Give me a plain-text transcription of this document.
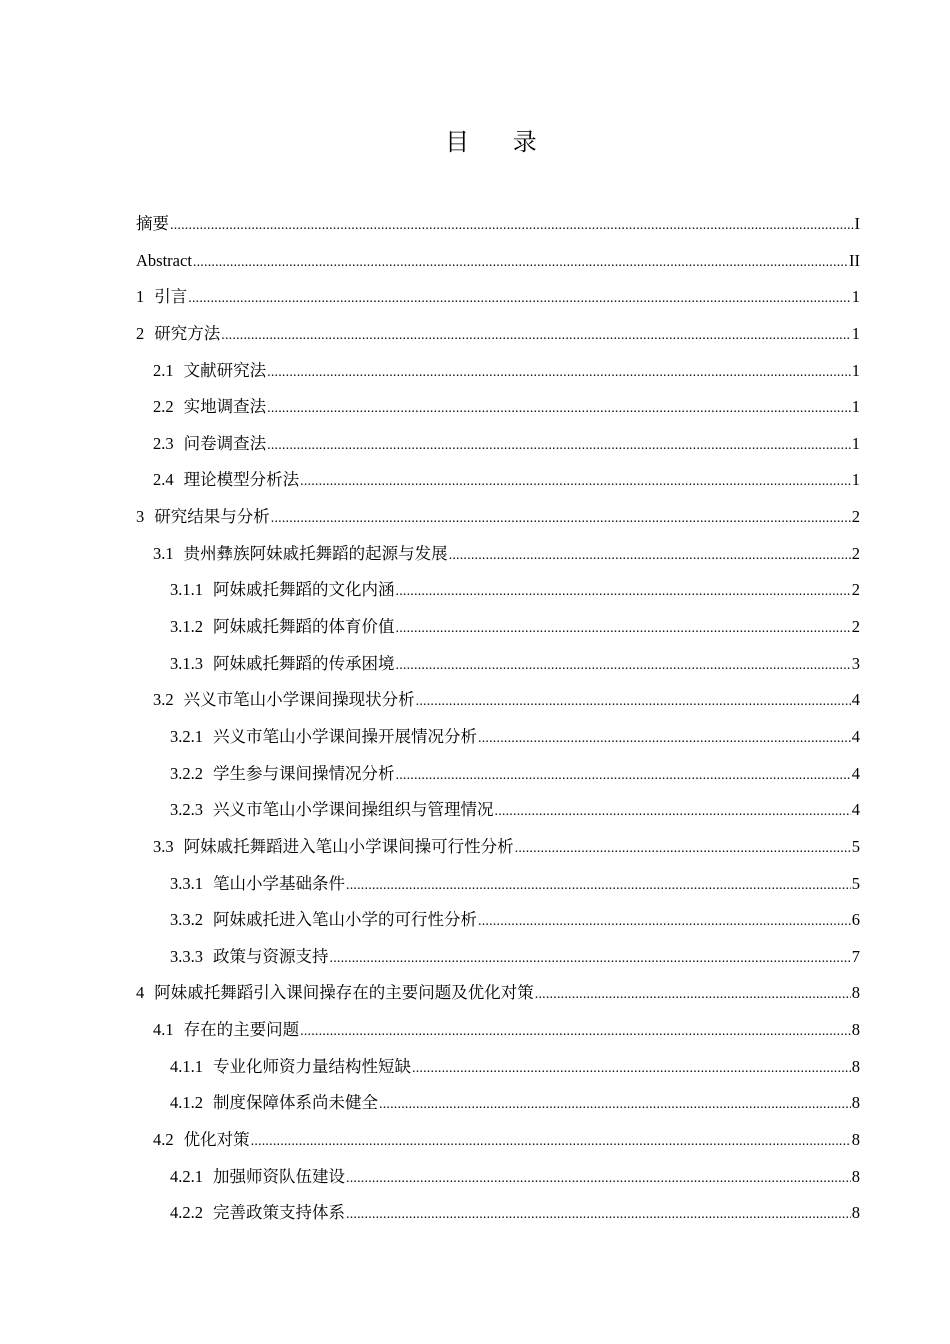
目 录
摘要 .....	I
Abstract .....	II
1 引言 .....	1
2 研究方法 .....	1
2.1 文献研究法 .....	1
2.2 实地调查法 .....	1
2.3 问卷调查法 .....	1
2.4 理论模型分析法 .....	1
3 研究结果与分析 .....	2
3.1 贵州彝族阿妹戚托舞蹈的起源与发展 .....	2
3.1.1 阿妹戚托舞蹈的文化内涵 .....	2
3.1.2 阿妹戚托舞蹈的体育价值 .....	2
3.1.3 阿妹戚托舞蹈的传承困境 .....	3
3.2 兴义市笔山小学课间操现状分析 .....	4
3.2.1 兴义市笔山小学课间操开展情况分析 .....	4
3.2.2 学生参与课间操情况分析 .....	4
3.2.3 兴义市笔山小学课间操组织与管理情况 .....	4
3.3 阿妹戚托舞蹈进入笔山小学课间操可行性分析 .....	5
3.3.1 笔山小学基础条件 .....	5
3.3.2 阿妹戚托进入笔山小学的可行性分析 .....	6
3.3.3 政策与资源支持 .....	7
4 阿妹戚托舞蹈引入课间操存在的主要问题及优化对策 .....	8
4.1 存在的主要问题 .....	8
4.1.1 专业化师资力量结构性短缺 .....	8
4.1.2 制度保障体系尚未健全 .....	8
4.2 优化对策 .....	8
4.2.1 加强师资队伍建设 .....	8
4.2.2 完善政策支持体系 .....	8
